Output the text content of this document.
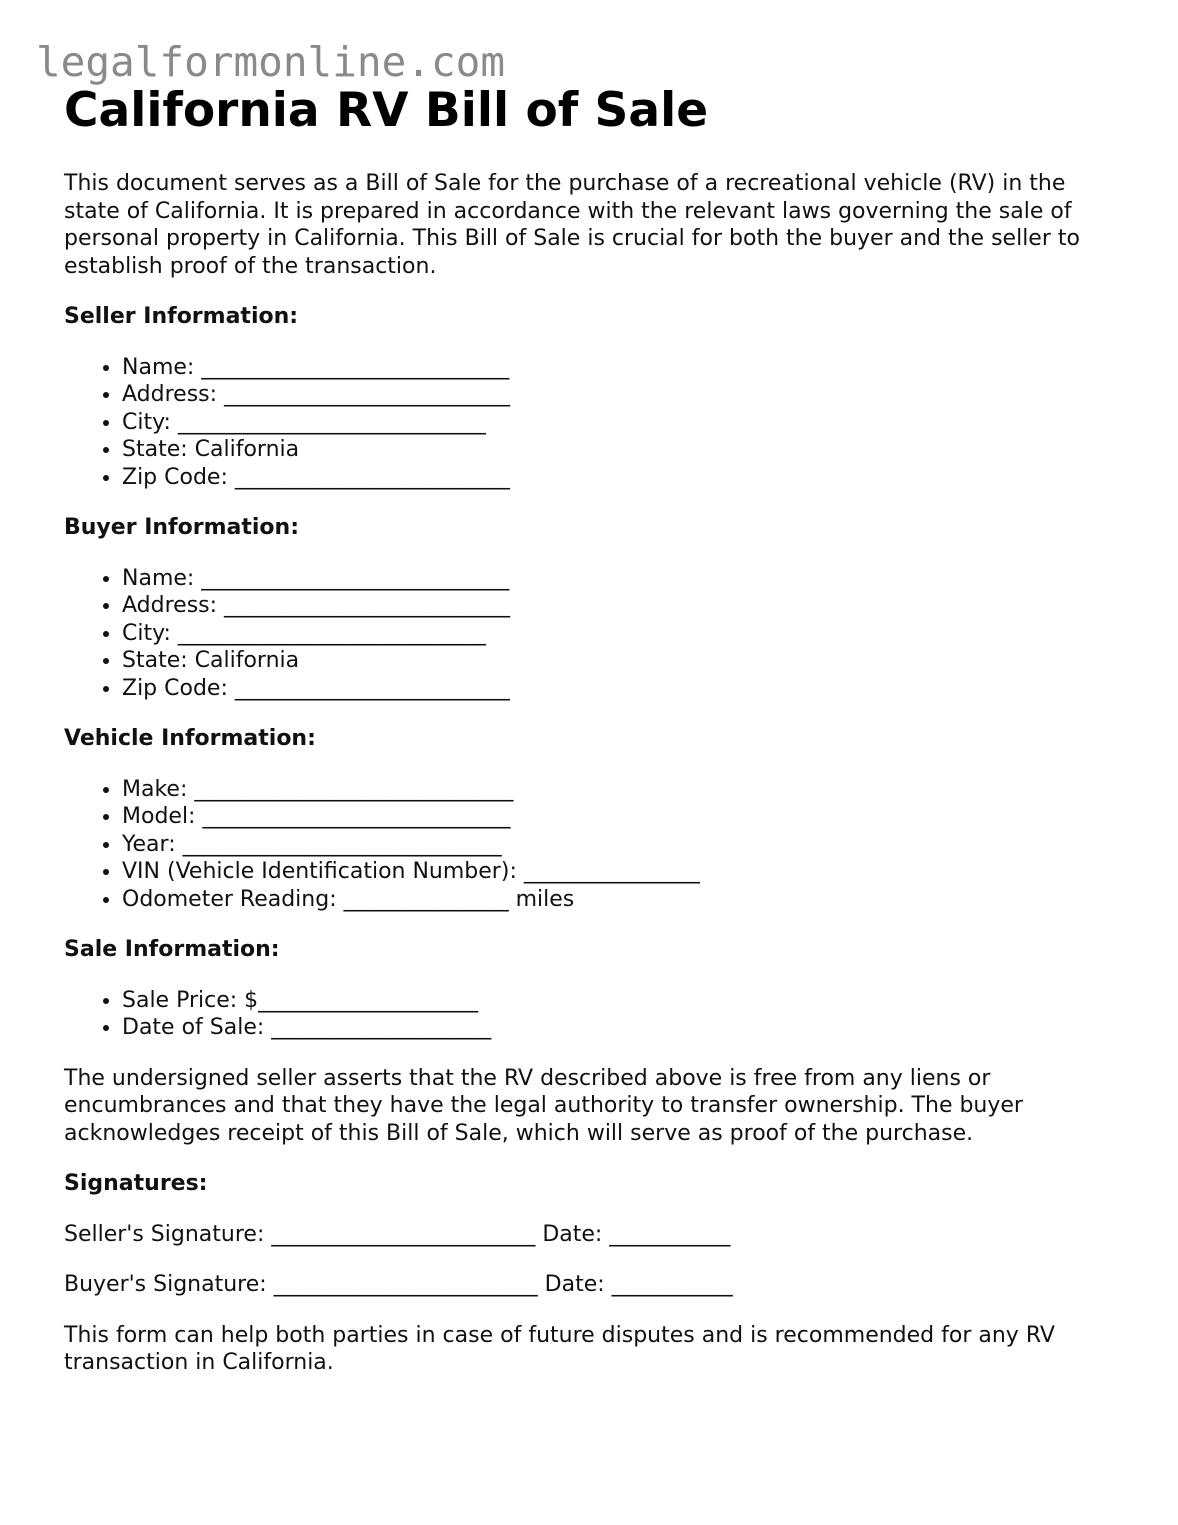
legalformonline.com
California RV Bill of Sale

This document serves as a Bill of Sale for the purchase of a recreational vehicle (RV) in the state of California. It is prepared in accordance with the relevant laws governing the sale of personal property in California. This Bill of Sale is crucial for both the buyer and the seller to establish proof of the transaction.

Seller Information:
• Name: ____________________________
• Address: __________________________
• City: ____________________________
• State: California
• Zip Code: _________________________
Buyer Information:
• Name: ____________________________
• Address: __________________________
• City: ____________________________
• State: California
• Zip Code: _________________________
Vehicle Information:
• Make: _____________________________
• Model: ____________________________
• Year: _____________________________
• VIN (Vehicle Identification Number): ________________
• Odometer Reading: _______________ miles
Sale Information:
• Sale Price: $____________________
• Date of Sale: ____________________

The undersigned seller asserts that the RV described above is free from any liens or encumbrances and that they have the legal authority to transfer ownership. The buyer acknowledges receipt of this Bill of Sale, which will serve as proof of the purchase.

Signatures:

Seller's Signature: ________________________ Date: ___________

Buyer's Signature: ________________________ Date: ___________

This form can help both parties in case of future disputes and is recommended for any RV transaction in California.
